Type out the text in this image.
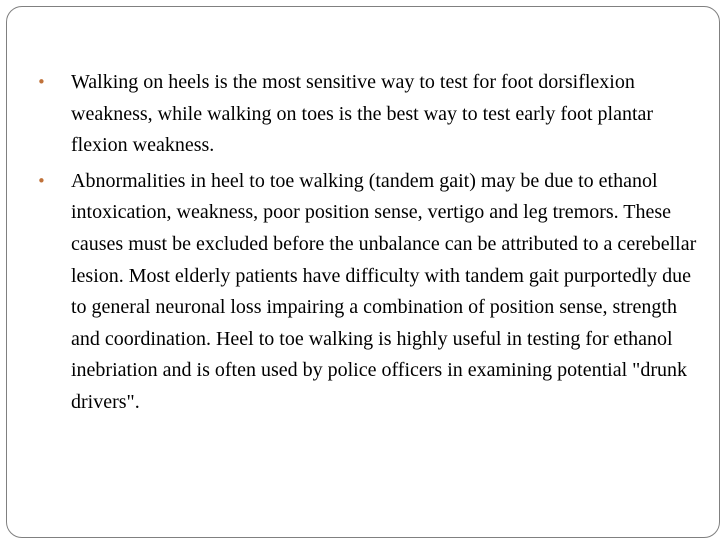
• Walking on heels is the most sensitive way to test for foot dorsiflexion weakness, while walking on toes is the best way to test early foot plantar flexion weakness.
• Abnormalities in heel to toe walking (tandem gait) may be due to ethanol intoxication, weakness, poor position sense, vertigo and leg tremors. These causes must be excluded before the unbalance can be attributed to a cerebellar lesion. Most elderly patients have difficulty with tandem gait purportedly due to general neuronal loss impairing a combination of position sense, strength and coordination. Heel to toe walking is highly useful in testing for ethanol inebriation and is often used by police officers in examining potential "drunk drivers".
